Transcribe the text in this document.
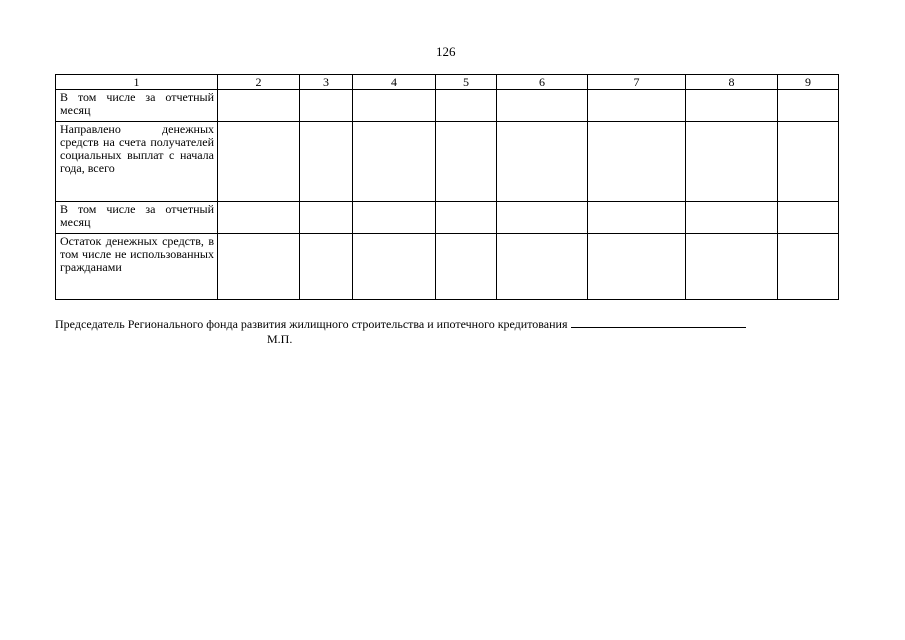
126
1	2	3	4	5	6	7	8	9
В том числе за отчетный месяц								
Направлено денежных средств на счета получателей социальных выплат с начала года, всего								
В том числе за отчетный месяц								
Остаток денежных средств, в том числе не использованных гражданами								
Председатель Регионального фонда развития жилищного строительства и ипотечного кредитования
М.П.
